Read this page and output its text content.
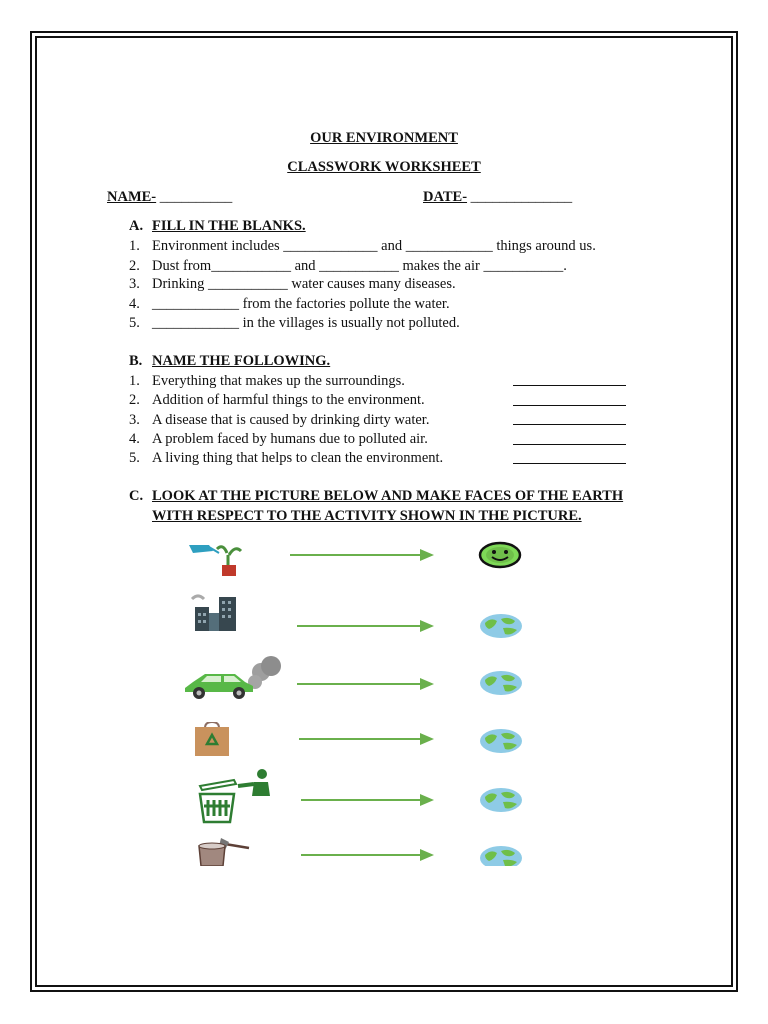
OUR ENVIRONMENT
CLASSWORK WORKSHEET
NAME- __________	DATE- ______________
A. FILL IN THE BLANKS.
1. Environment includes _____________ and ____________ things around us.
2. Dust from___________ and ___________ makes the air ___________.
3. Drinking ___________ water causes many diseases.
4. ____________ from the factories pollute the water.
5. ____________ in the villages is usually not polluted.
B. NAME THE FOLLOWING.
1. Everything that makes up the surroundings.
2. Addition of harmful things to the environment.
3. A disease that is caused by drinking dirty water.
4. A problem faced by humans due to polluted air.
5. A living thing that helps to clean the environment.
C. LOOK AT THE PICTURE BELOW AND MAKE FACES OF THE EARTH
WITH RESPECT TO THE ACTIVITY SHOWN IN THE PICTURE.
